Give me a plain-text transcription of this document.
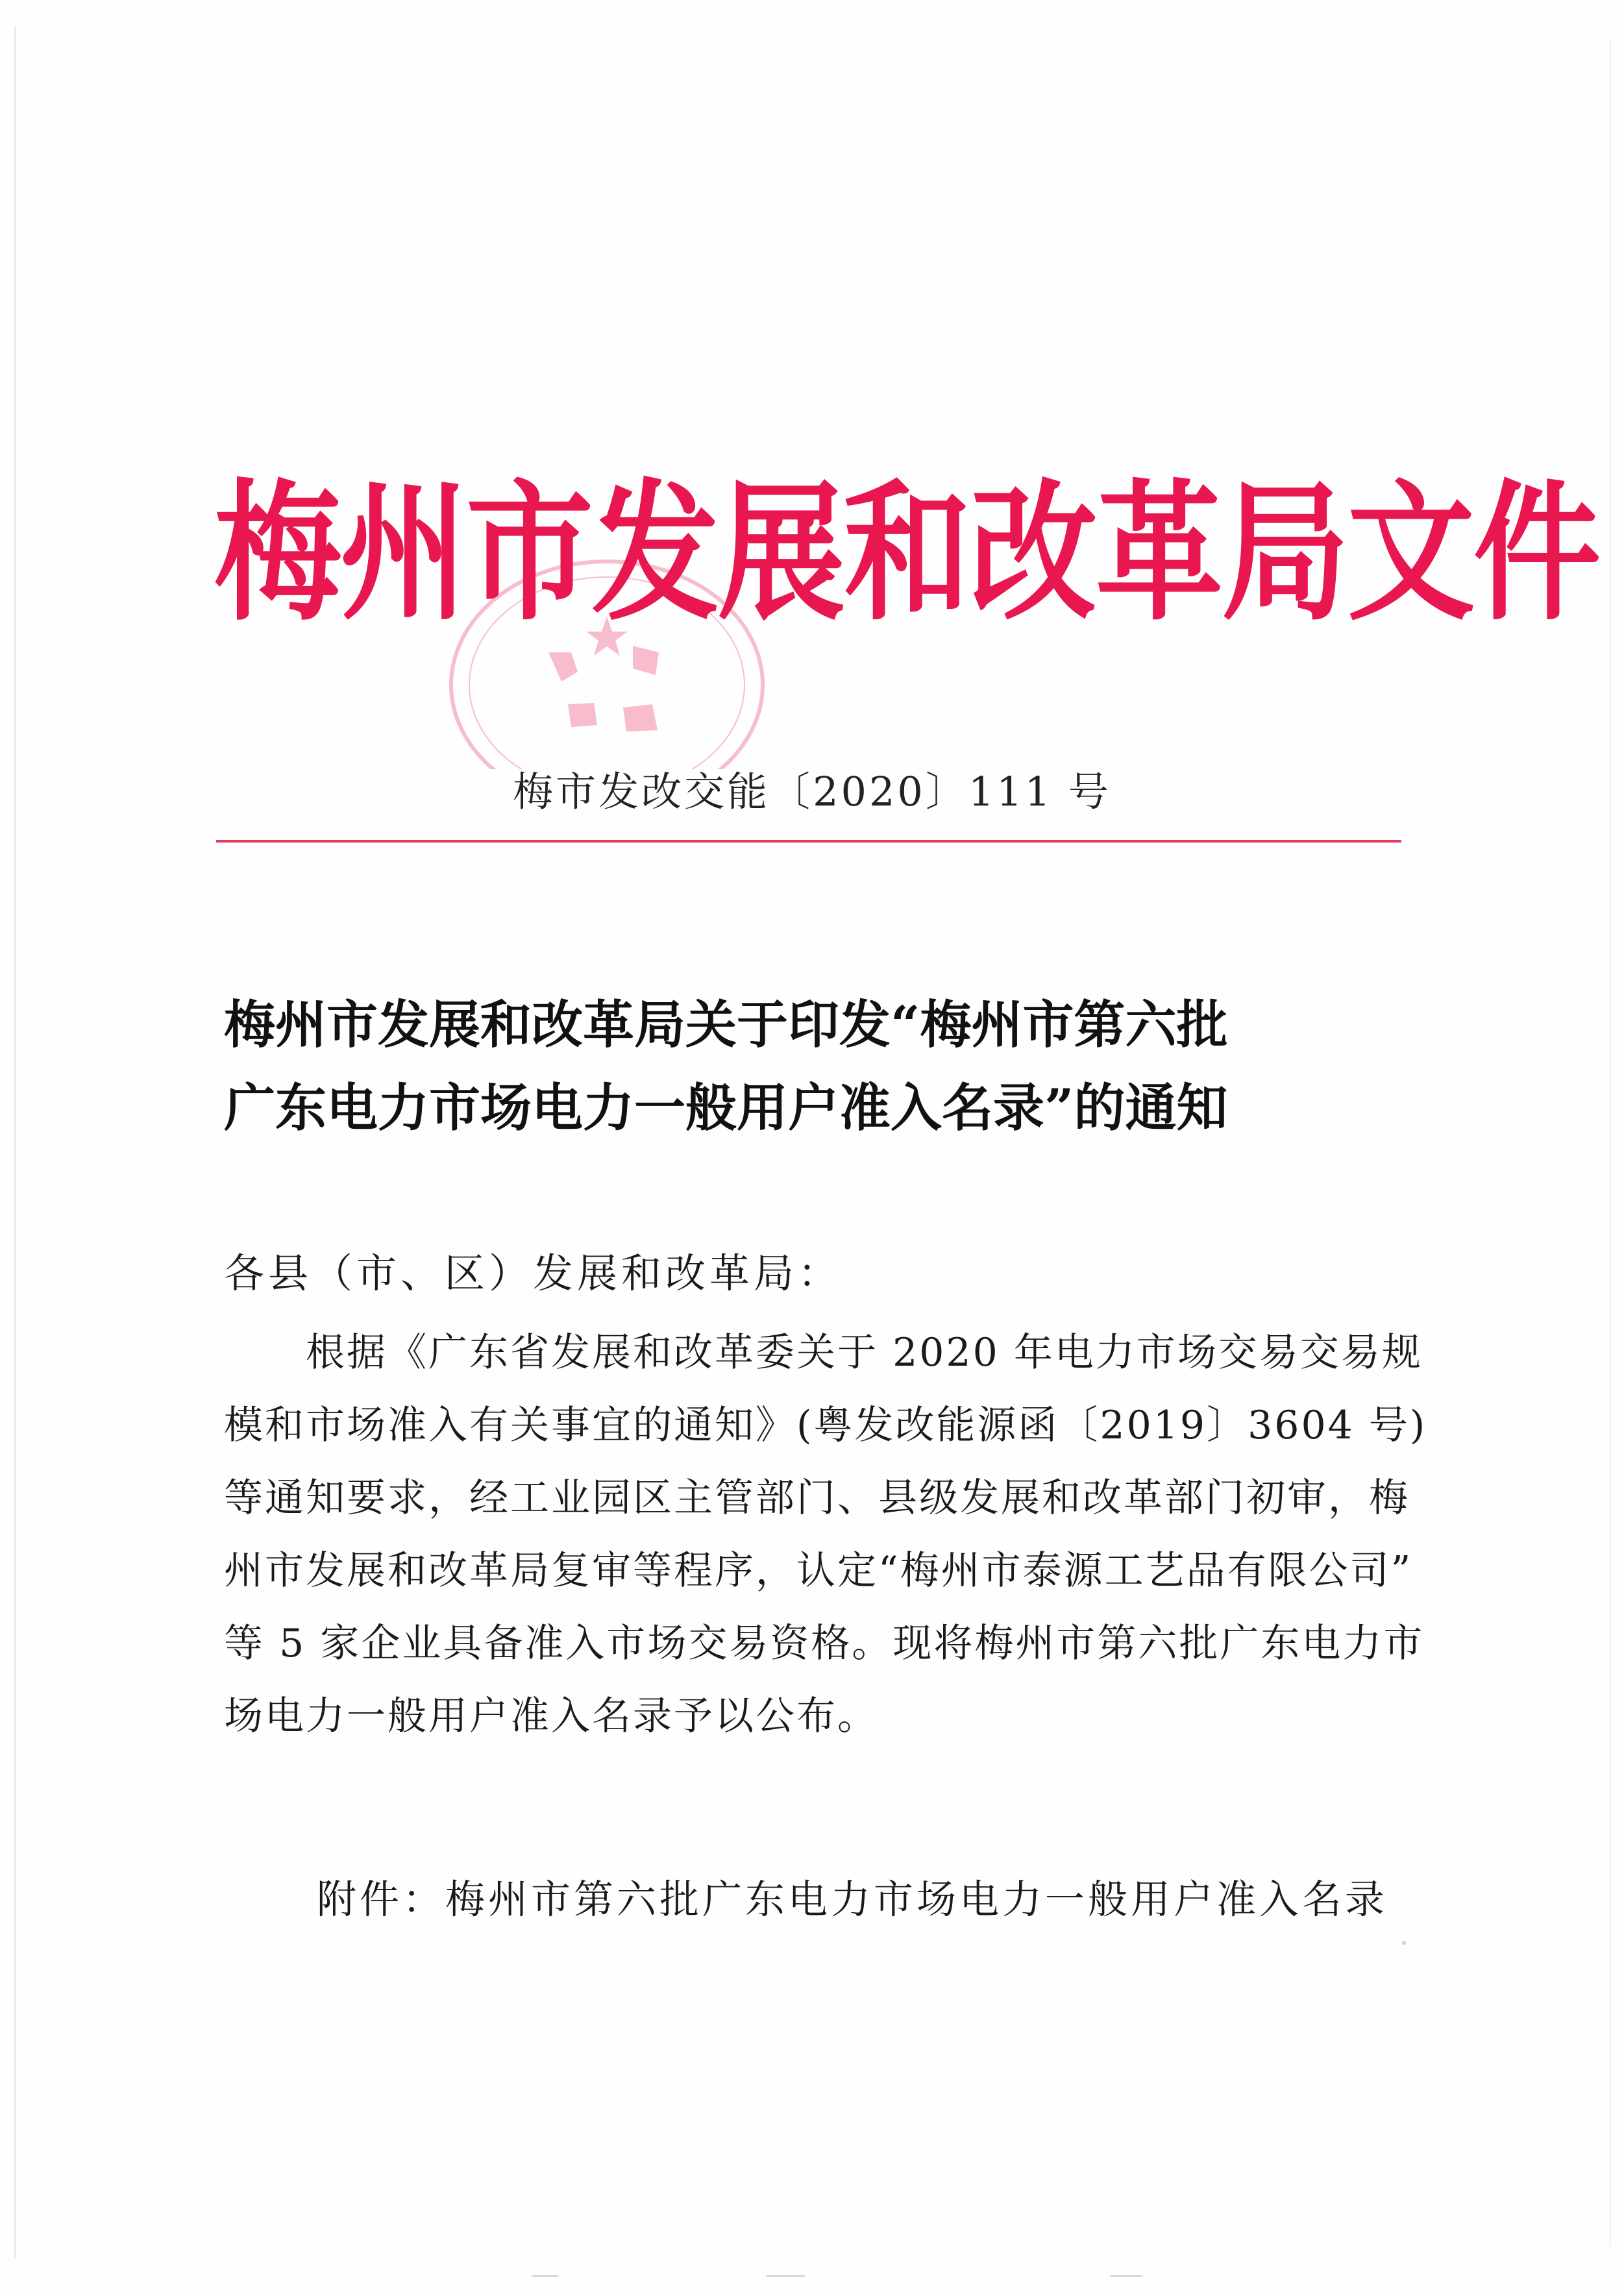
梅州市发展和改革局文件
梅市发改交能〔2020〕111 号
梅州市发展和改革局关于印发“梅州市第六批
广东电力市场电力一般用户准入名录”的通知
各县（市、区）发展和改革局：
　　根据《广东省发展和改革委关于 2020 年电力市场交易交易规
模和市场准入有关事宜的通知》(粤发改能源函〔2019〕3604 号)
等通知要求，经工业园区主管部门、县级发展和改革部门初审，梅
州市发展和改革局复审等程序，认定“梅州市泰源工艺品有限公司”
等 5 家企业具备准入市场交易资格。现将梅州市第六批广东电力市
场电力一般用户准入名录予以公布。
附件：梅州市第六批广东电力市场电力一般用户准入名录
